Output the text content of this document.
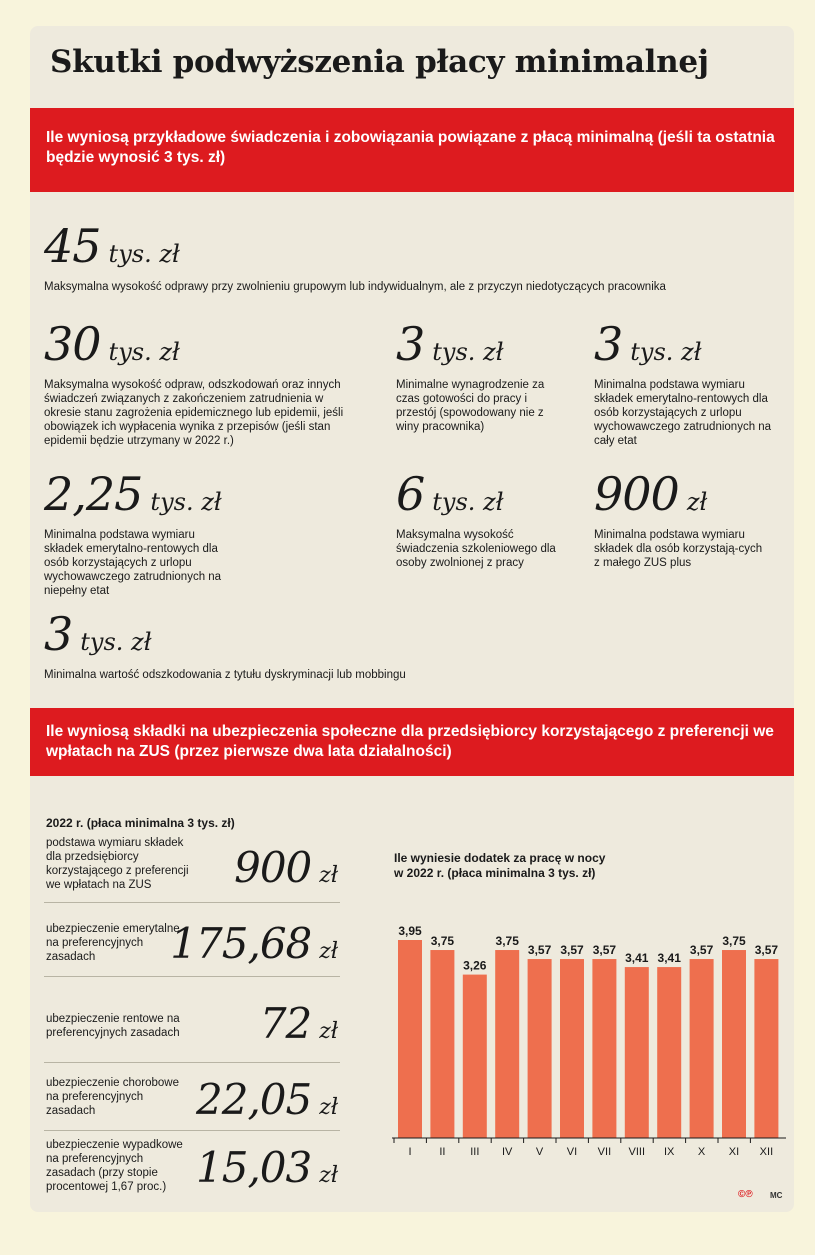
Skutki podwyższenia płacy minimalnej
Ile wyniosą przykładowe świadczenia i zobowiązania powiązane z płacą minimalną (jeśli ta ostatnia będzie wynosić 3 tys. zł)
45 tys. zł
Maksymalna wysokość odprawy przy zwolnieniu grupowym lub indywidualnym, ale z przyczyn niedotyczących pracownika
30 tys. zł
Maksymalna wysokość odpraw, odszkodowań oraz innych świadczeń związanych z zakończeniem zatrudnienia w okresie stanu zagrożenia epidemicznego lub epidemii, jeśli obowiązek ich wypłacenia wynika z przepisów (jeśli stan epidemii będzie utrzymany w 2022 r.)
3 tys. zł
Minimalne wynagrodzenie za czas gotowości do pracy i przestój (spowodowany nie z winy pracownika)
3 tys. zł
Minimalna podstawa wymiaru składek emerytalno-rentowych dla osób korzystających z urlopu wychowawczego zatrudnionych na cały etat
2,25 tys. zł
Minimalna podstawa wymiaru składek emerytalno-rentowych dla osób korzystających z urlopu wychowawczego zatrudnionych na niepełny etat
6 tys. zł
Maksymalna wysokość świadczenia szkoleniowego dla osoby zwolnionej z pracy
900 zł
Minimalna podstawa wymiaru składek dla osób korzystają-cych z małego ZUS plus
3 tys. zł
Minimalna wartość odszkodowania z tytułu dyskryminacji lub mobbingu
Ile wyniosą składki na ubezpieczenia społeczne dla przedsiębiorcy korzystającego z preferencji we wpłatach na ZUS (przez pierwsze dwa lata działalności)
2022 r. (płaca minimalna 3 tys. zł)
podstawa wymiaru składek dla przedsiębiorcy korzystającego z preferencji we wpłatach na ZUS	900 zł
ubezpieczenie emerytalne na preferencyjnych zasadach	175,68 zł
ubezpieczenie rentowe na preferencyjnych zasadach	72 zł
ubezpieczenie chorobowe na preferencyjnych zasadach	22,05 zł
ubezpieczenie wypadkowe na preferencyjnych zasadach (przy stopie procentowej 1,67 proc.) 15,03 zł
Ile wyniesie dodatek za pracę w nocy
w 2022 r. (płaca minimalna 3 tys. zł)
3,95
I
3,75
II
3,26
III
3,75
IV
3,57
V
3,57
VI
3,57
VII
3,41
VIII
3,41
IX
3,57
X
3,75
XI
3,57
XII
©℗ MC
